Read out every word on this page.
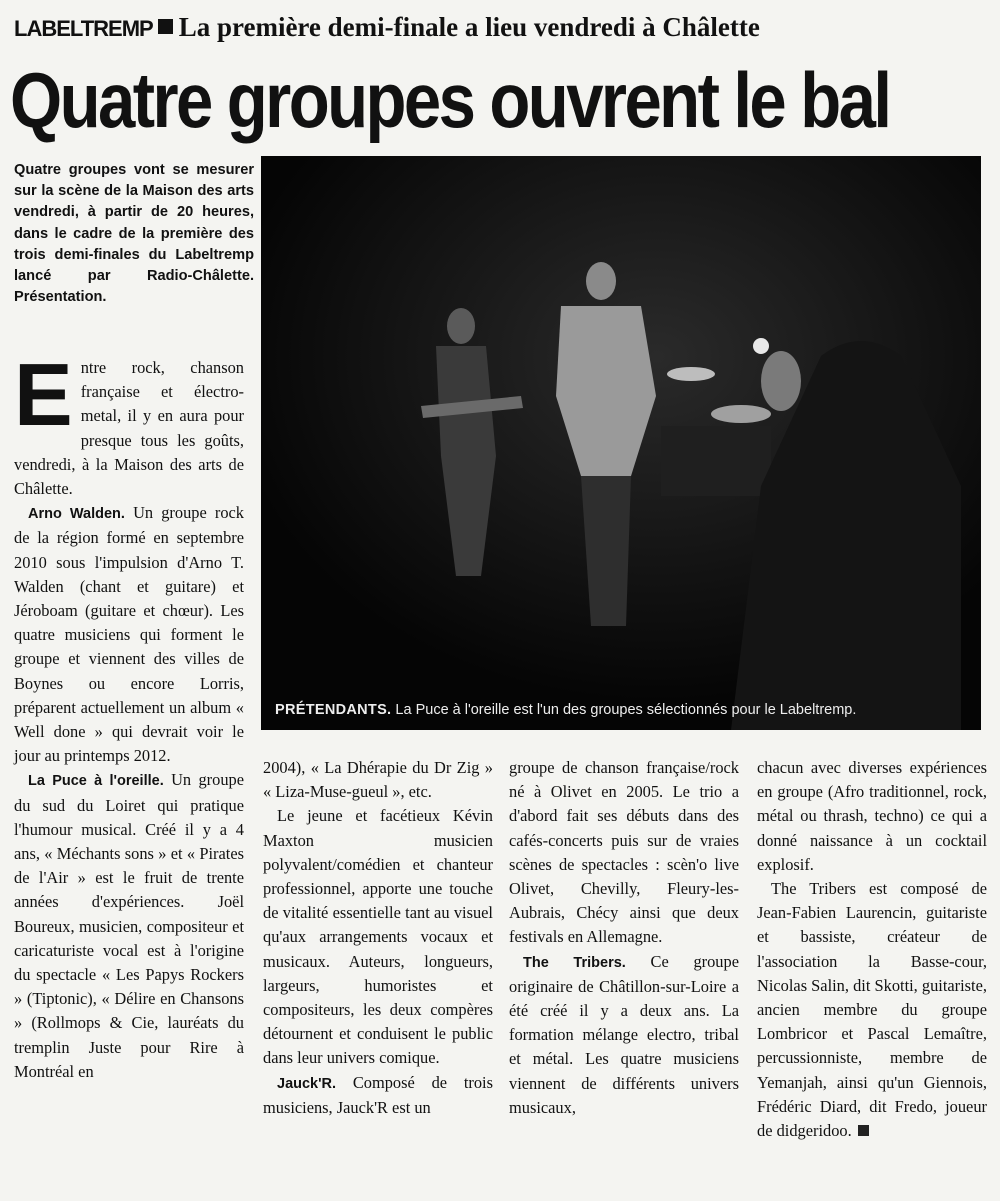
LABELTREMP La première demi-finale a lieu vendredi à Châlette
Quatre groupes ouvrent le bal
Quatre groupes vont se mesurer sur la scène de la Maison des arts vendredi, à partir de 20 heures, dans le cadre de la première des trois demi-finales du Labeltremp lancé par Radio-Châlette. Présentation.
PRÉTENDANTS. La Puce à l'oreille est l'un des groupes sélectionnés pour le Labeltremp.

Entre rock, chanson française et électro-metal, il y en aura pour presque tous les goûts, vendredi, à la Maison des arts de Châlette.

Arno Walden. Un groupe rock de la région formé en septembre 2010 sous l'impulsion d'Arno T. Walden (chant et guitare) et Jéroboam (guitare et chœur). Les quatre musiciens qui forment le groupe et viennent des villes de Boynes ou encore Lorris, préparent actuellement un album « Well done » qui devrait voir le jour au printemps 2012.

La Puce à l'oreille. Un groupe du sud du Loiret qui pratique l'humour musical. Créé il y a 4 ans, « Méchants sons » et « Pirates de l'Air » est le fruit de trente années d'expériences. Joël Boureux, musicien, compositeur et caricaturiste vocal est à l'origine du spectacle « Les Papys Rockers » (Tiptonic), « Délire en Chansons » (Rollmops & Cie, lauréats du tremplin Juste pour Rire à Montréal en

2004), « La Dhérapie du Dr Zig » « Liza-Muse-gueul », etc.

Le jeune et facétieux Kévin Maxton musicien polyvalent/comédien et chanteur professionnel, apporte une touche de vitalité essentielle tant au visuel qu'aux arrangements vocaux et musicaux. Auteurs, longueurs, largeurs, humoristes et compositeurs, les deux compères détournent et conduisent le public dans leur univers comique.

Jauck'R. Composé de trois musiciens, Jauck'R est un

groupe de chanson française/rock né à Olivet en 2005. Le trio a d'abord fait ses débuts dans des cafés-concerts puis sur de vraies scènes de spectacles : scèn'o live Olivet, Chevilly, Fleury-les-Aubrais, Chécy ainsi que deux festivals en Allemagne.

The Tribers. Ce groupe originaire de Châtillon-sur-Loire a été créé il y a deux ans. La formation mélange electro, tribal et métal. Les quatre musiciens viennent de différents univers musicaux,

chacun avec diverses expériences en groupe (Afro traditionnel, rock, métal ou thrash, techno) ce qui a donné naissance à un cocktail explosif.

The Tribers est composé de Jean-Fabien Laurencin, guitariste et bassiste, créateur de l'association la Basse-cour, Nicolas Salin, dit Skotti, guitariste, ancien membre du groupe Lombricor et Pascal Lemaître, percussionniste, membre de Yemanjah, ainsi qu'un Giennois, Frédéric Diard, dit Fredo, joueur de didgeridoo.
